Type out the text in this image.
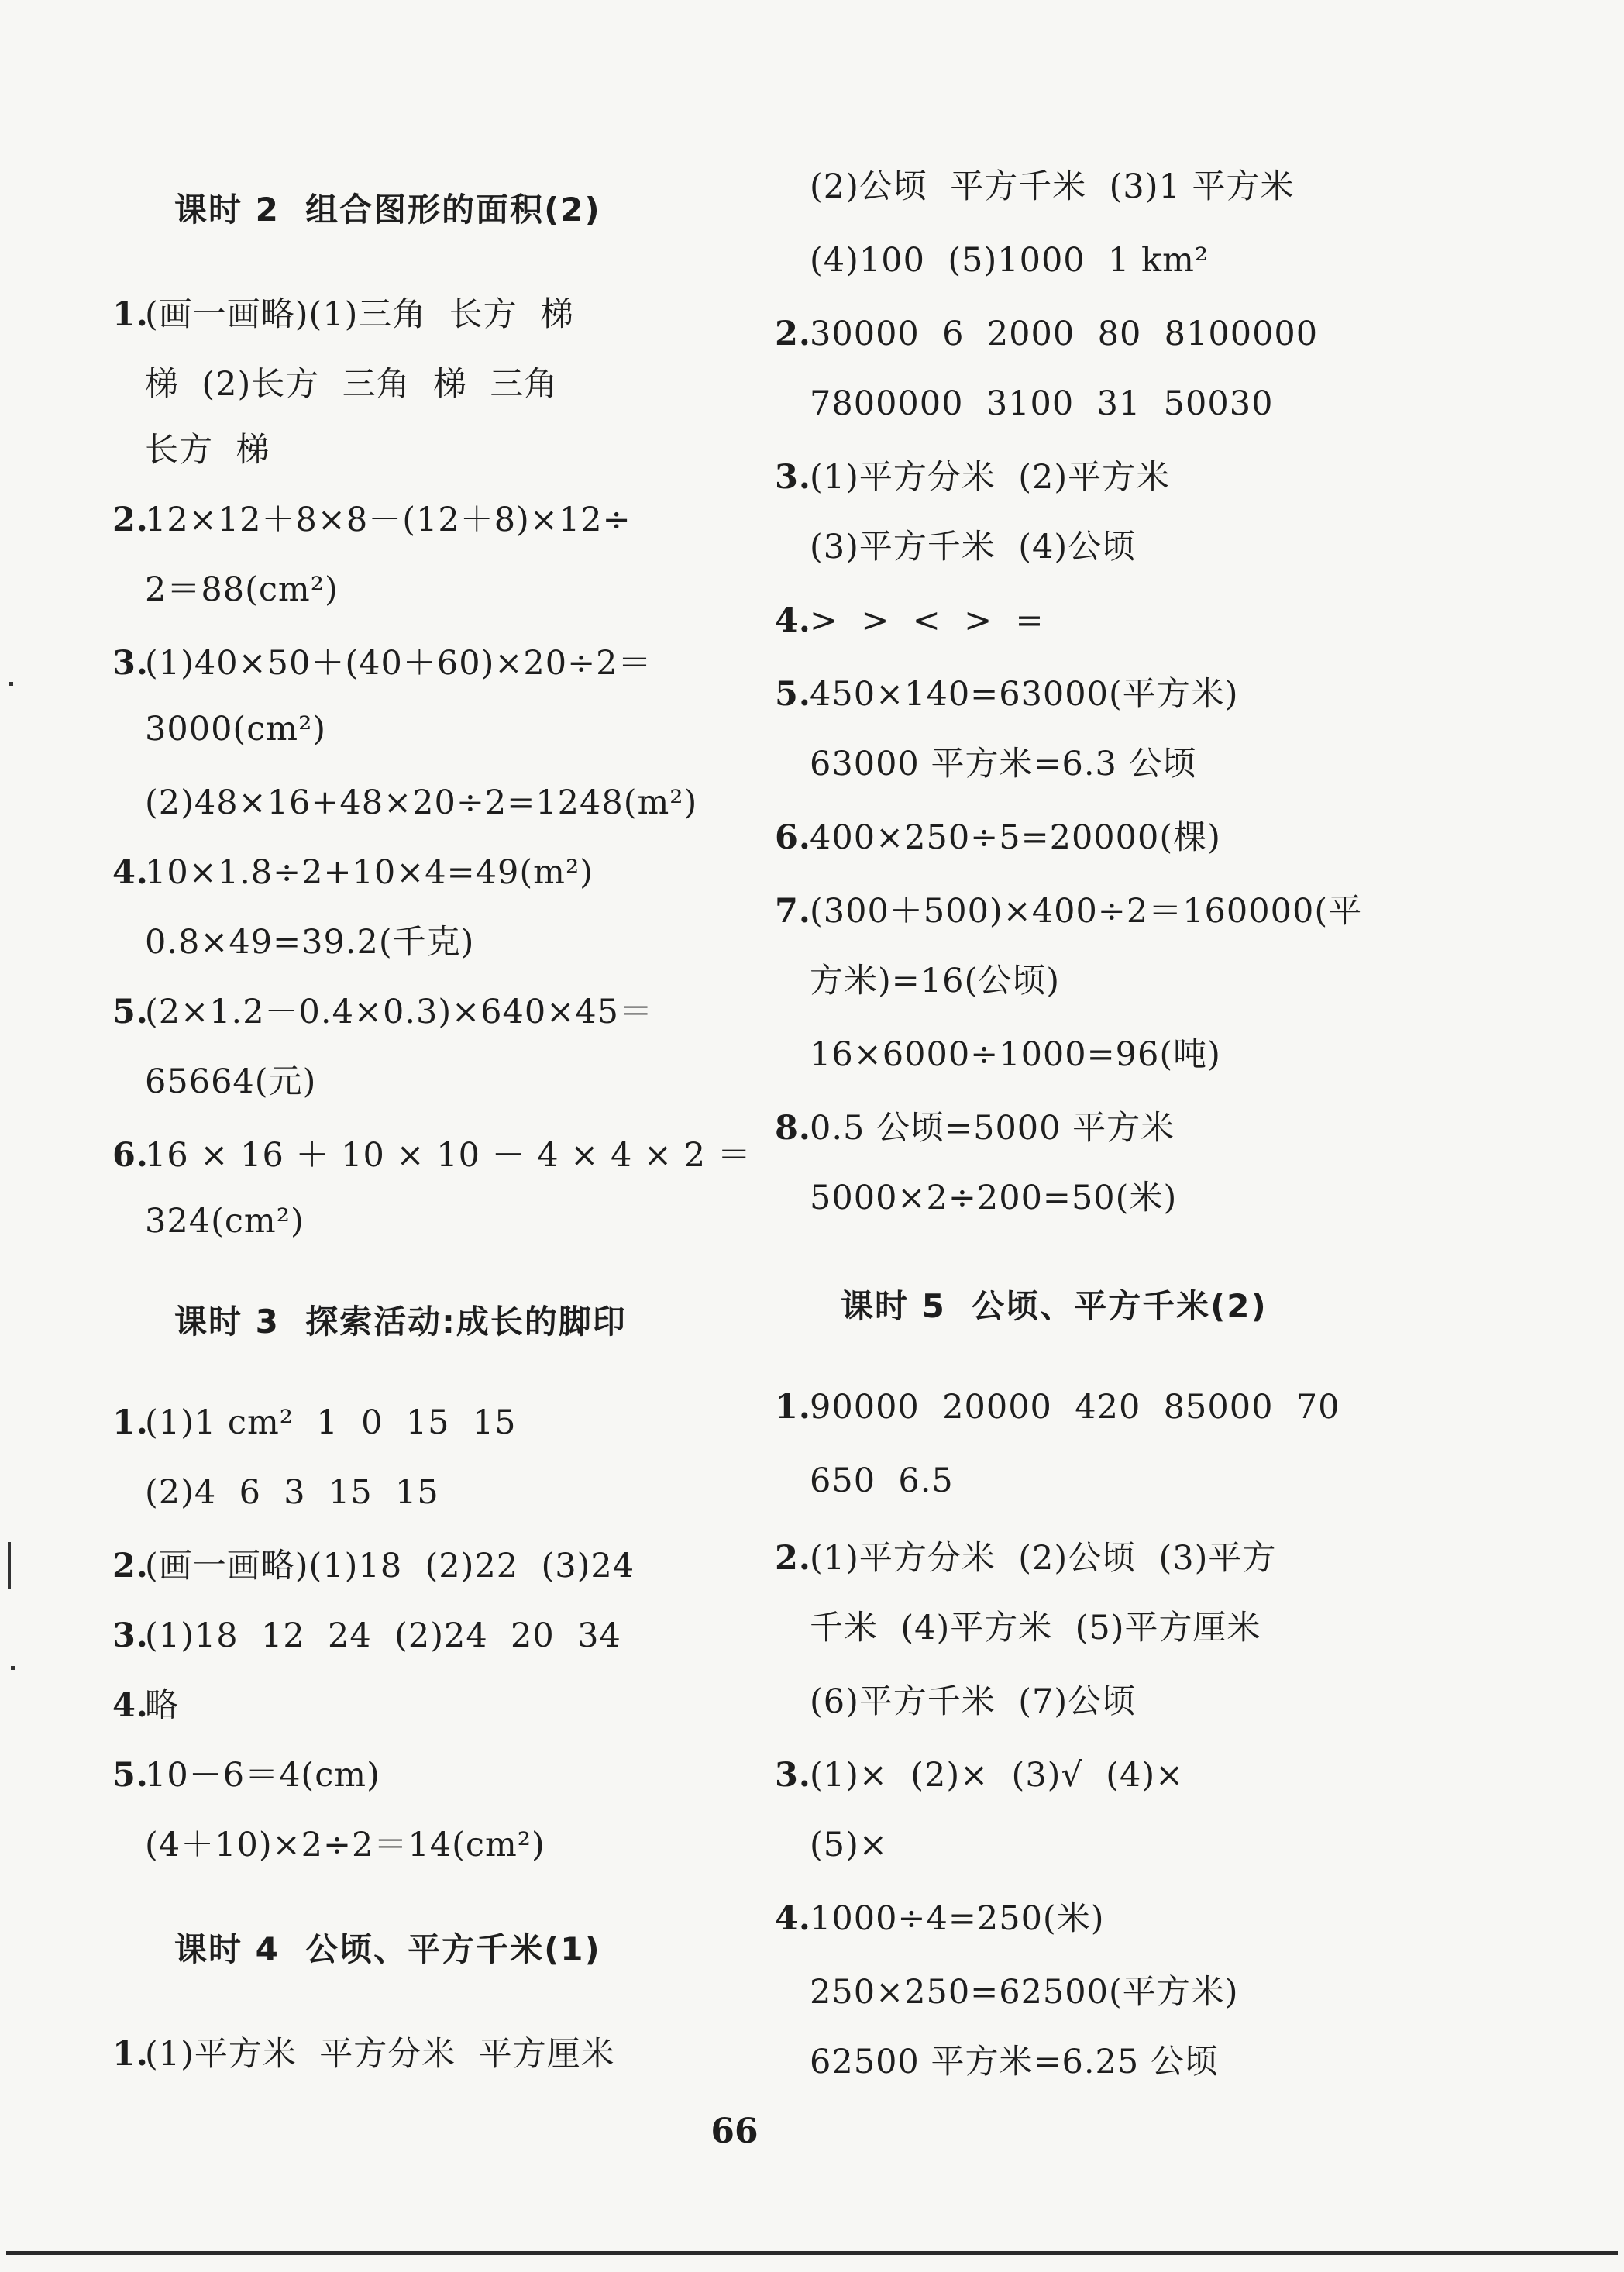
课时 2  组合图形的面积(2)
1.(画一画略)(1)三角  长方  梯
梯  (2)长方  三角  梯  三角
长方  梯
2.12×12＋8×8－(12＋8)×12÷
2＝88(cm²)
3.(1)40×50＋(40＋60)×20÷2＝
3000(cm²)
(2)48×16+48×20÷2=1248(m²)
4.10×1.8÷2+10×4=49(m²)
0.8×49=39.2(千克)
5.(2×1.2－0.4×0.3)×640×45＝
65664(元)
6.16 × 16 ＋ 10 × 10 － 4 × 4 × 2 ＝
324(cm²)
课时 3  探索活动:成长的脚印
1.(1)1 cm²  1  0  15  15
(2)4  6  3  15  15
2.(画一画略)(1)18  (2)22  (3)24
3.(1)18  12  24  (2)24  20  34
4.略
5.10－6＝4(cm)
(4＋10)×2÷2＝14(cm²)
课时 4  公顷、平方千米(1)
1.(1)平方米  平方分米  平方厘米
(2)公顷  平方千米  (3)1 平方米
(4)100  (5)1000  1 km²
2.30000  6  2000  80  8100000
7800000  3100  31  50030
3.(1)平方分米  (2)平方米
(3)平方千米  (4)公顷
4.>  >  <  >  =
5.450×140=63000(平方米)
63000 平方米=6.3 公顷
6.400×250÷5=20000(棵)
7.(300＋500)×400÷2＝160000(平
方米)=16(公顷)
16×6000÷1000=96(吨)
8.0.5 公顷=5000 平方米
5000×2÷200=50(米)
课时 5  公顷、平方千米(2)
1.90000  20000  420  85000  70
650  6.5
2.(1)平方分米  (2)公顷  (3)平方
千米  (4)平方米  (5)平方厘米
(6)平方千米  (7)公顷
3.(1)×  (2)×  (3)√  (4)×
(5)×
4.1000÷4=250(米)
250×250=62500(平方米)
62500 平方米=6.25 公顷
66
